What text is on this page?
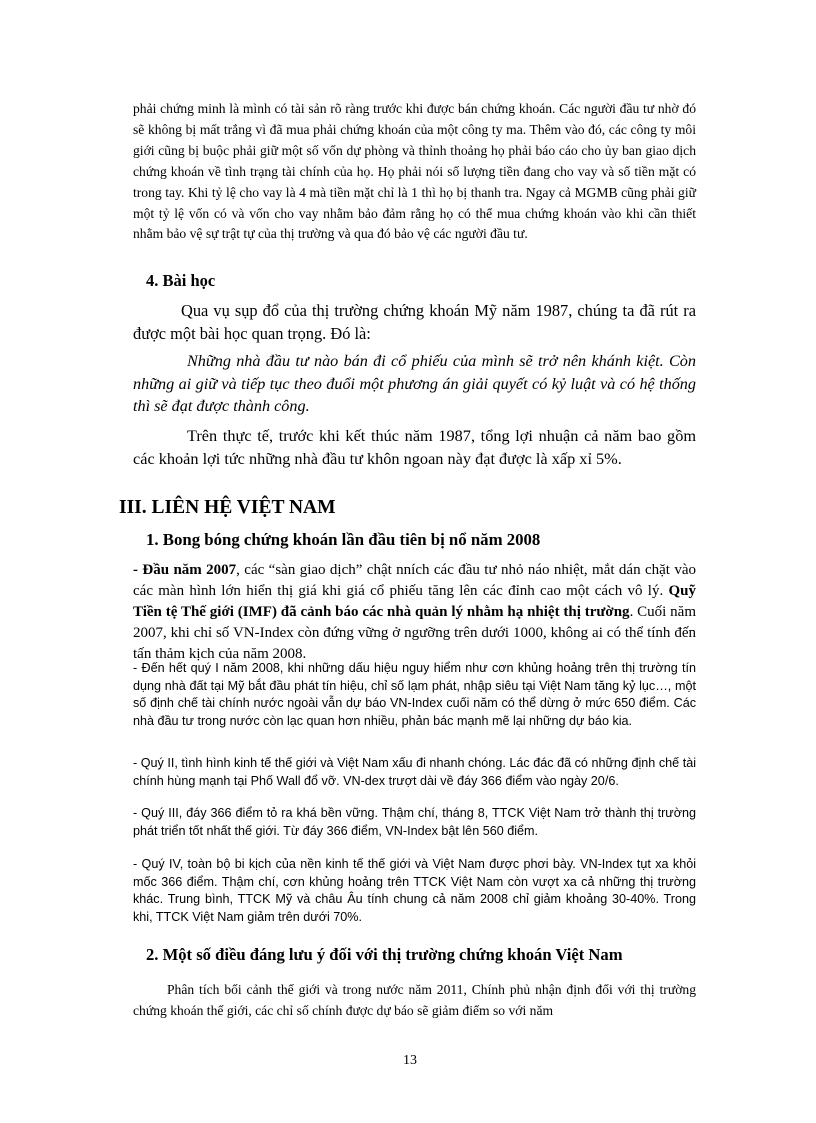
phải chứng minh là mình có tài sản rõ ràng trước khi được bán chứng khoán. Các người đầu tư nhờ đó sẽ không bị mất trắng vì đã mua phải chứng khoán của một công ty ma. Thêm vào đó, các công ty môi giới cũng bị buộc phải giữ một số vốn dự phòng và thỉnh thoảng họ phải báo cáo cho ủy ban giao dịch chứng khoán về tình trạng tài chính của họ. Họ phải nói số lượng tiền đang cho vay và số tiền mặt có trong tay. Khi tỷ lệ cho vay là 4 mà tiền mặt chỉ là 1 thì họ bị thanh tra. Ngay cả MGMB cũng phải giữ một tỷ lệ vốn có và vốn cho vay nhằm bảo đảm rằng họ có thể mua chứng khoán vào khi cần thiết nhằm bảo vệ sự trật tự của thị trường và qua đó bảo vệ các người đầu tư.

4. Bài học

Qua vụ sụp đổ của thị trường chứng khoán Mỹ năm 1987, chúng ta đã rút ra được một bài học quan trọng. Đó là:

Những nhà đầu tư nào bán đi cổ phiếu của mình sẽ trở nên khánh kiệt. Còn những ai giữ và tiếp tục theo đuổi một phương án giải quyết có kỷ luật và có hệ thống thì sẽ đạt được thành công.

Trên thực tế, trước khi kết thúc năm 1987, tổng lợi nhuận cả năm bao gồm các khoản lợi tức những nhà đầu tư khôn ngoan này đạt được là xấp xỉ 5%.

III. LIÊN HỆ VIỆT NAM
1. Bong bóng chứng khoán lần đầu tiên bị nổ năm 2008

- Đầu năm 2007, các “sàn giao dịch” chật nních các đầu tư nhỏ náo nhiệt, mắt dán chặt vào các màn hình lớn hiển thị giá khi giá cổ phiếu tăng lên các đỉnh cao một cách vô lý. Quỹ Tiền tệ Thế giới (IMF) đã cảnh báo các nhà quản lý nhằm hạ nhiệt thị trường. Cuối năm 2007, khi chỉ số VN-Index còn đứng vững ở ngưỡng trên dưới 1000, không ai có thể tính đến tấn thảm kịch của năm 2008.

- Đến hết quý I năm 2008, khi những dấu hiệu nguy hiểm như cơn khủng hoảng trên thị trường tín dụng nhà đất tại Mỹ bắt đầu phát tín hiệu, chỉ số lạm phát, nhập siêu tại Việt Nam tăng kỷ lục…, một số định chế tài chính nước ngoài vẫn dự báo VN-Index cuối năm có thể dừng ở mức 650 điểm. Các nhà đầu tư trong nước còn lạc quan hơn nhiều, phản bác mạnh mẽ lại những dự báo kia.

- Quý II, tình hình kinh tế thế giới và Việt Nam xấu đi nhanh chóng. Lác đác đã có những định chế tài chính hùng mạnh tại Phố Wall đổ vỡ. VN-dex trượt dài về đáy 366 điểm vào ngày 20/6.

- Quý III, đáy 366 điểm tỏ ra khá bền vững. Thậm chí, tháng 8, TTCK Việt Nam trở thành thị trường phát triển tốt nhất thế giới. Từ đáy 366 điểm, VN-Index bật lên 560 điểm.

- Quý IV, toàn bộ bi kịch của nền kinh tế thế giới và Việt Nam được phơi bày. VN-Index tụt xa khỏi mốc 366 điểm. Thậm chí, cơn khủng hoảng trên TTCK Việt Nam còn vượt xa cả những thị trường khác. Trung bình, TTCK Mỹ và châu Âu tính chung cả năm 2008 chỉ giảm khoảng 30-40%. Trong khi, TTCK Việt Nam giảm trên dưới 70%.

2. Một số điều đáng lưu ý đối với thị trường chứng khoán Việt Nam

Phân tích bối cảnh thế giới và trong nước năm 2011, Chính phủ nhận định đối với thị trường chứng khoán thế giới, các chỉ số chính được dự báo sẽ giảm điểm so với năm

13
